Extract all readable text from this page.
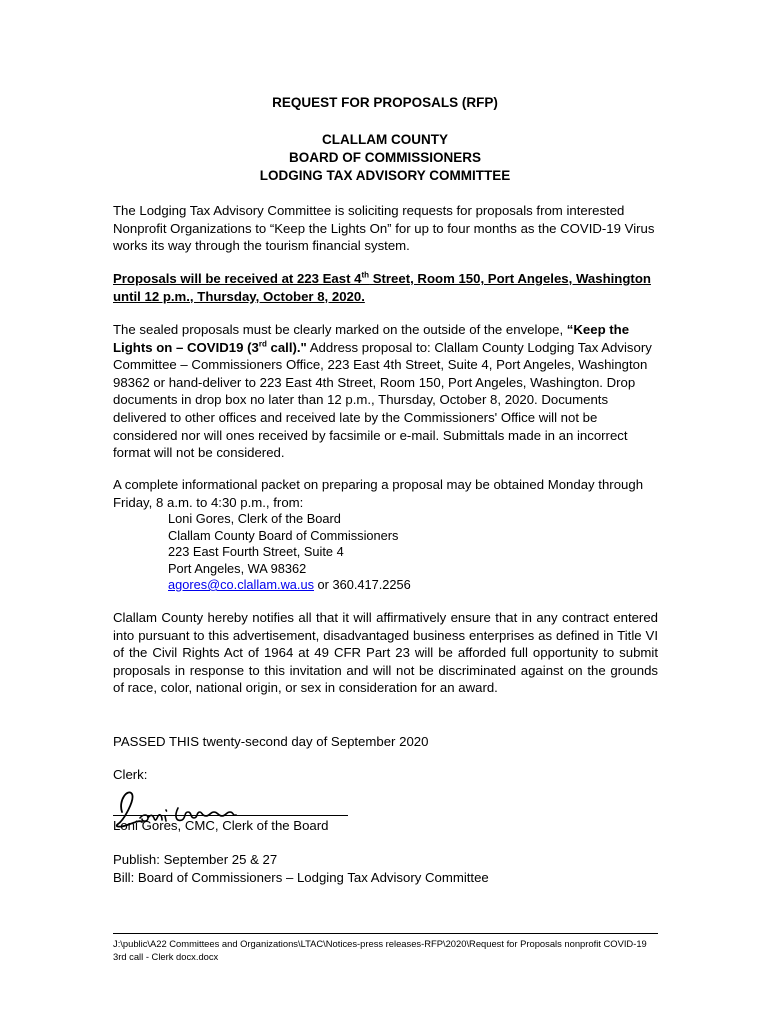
REQUEST FOR PROPOSALS (RFP)
CLALLAM COUNTY
BOARD OF COMMISSIONERS
LODGING TAX ADVISORY COMMITTEE

The Lodging Tax Advisory Committee is soliciting requests for proposals from interested Nonprofit Organizations to “Keep the Lights On” for up to four months as the COVID-19 Virus works its way through the tourism financial system.

Proposals will be received at 223 East 4th Street, Room 150, Port Angeles, Washington until 12 p.m., Thursday, October 8, 2020.

The sealed proposals must be clearly marked on the outside of the envelope, “Keep the Lights on – COVID19 (3rd call)." Address proposal to: Clallam County Lodging Tax Advisory Committee – Commissioners Office, 223 East 4th Street, Suite 4, Port Angeles, Washington 98362 or hand-deliver to 223 East 4th Street, Room 150, Port Angeles, Washington. Drop documents in drop box no later than 12 p.m., Thursday, October 8, 2020. Documents delivered to other offices and received late by the Commissioners' Office will not be considered nor will ones received by facsimile or e-mail. Submittals made in an incorrect format will not be considered.

A complete informational packet on preparing a proposal may be obtained Monday through Friday, 8 a.m. to 4:30 p.m., from:

Loni Gores, Clerk of the Board
Clallam County Board of Commissioners
223 East Fourth Street, Suite 4
Port Angeles, WA 98362
agores@co.clallam.wa.us or 360.417.2256

Clallam County hereby notifies all that it will affirmatively ensure that in any contract entered into pursuant to this advertisement, disadvantaged business enterprises as defined in Title VI of the Civil Rights Act of 1964 at 49 CFR Part 23 will be afforded full opportunity to submit proposals in response to this invitation and will not be discriminated against on the grounds of race, color, national origin, or sex in consideration for an award.

PASSED THIS twenty-second day of September 2020

Clerk:

Loni Gores, CMC, Clerk of the Board

Publish: September 25 & 27

Bill: Board of Commissioners – Lodging Tax Advisory Committee

J:\public\A22 Committees and Organizations\LTAC\Notices-press releases-RFP\2020\Request for Proposals nonprofit COVID-19 3rd call - Clerk docx.docx
